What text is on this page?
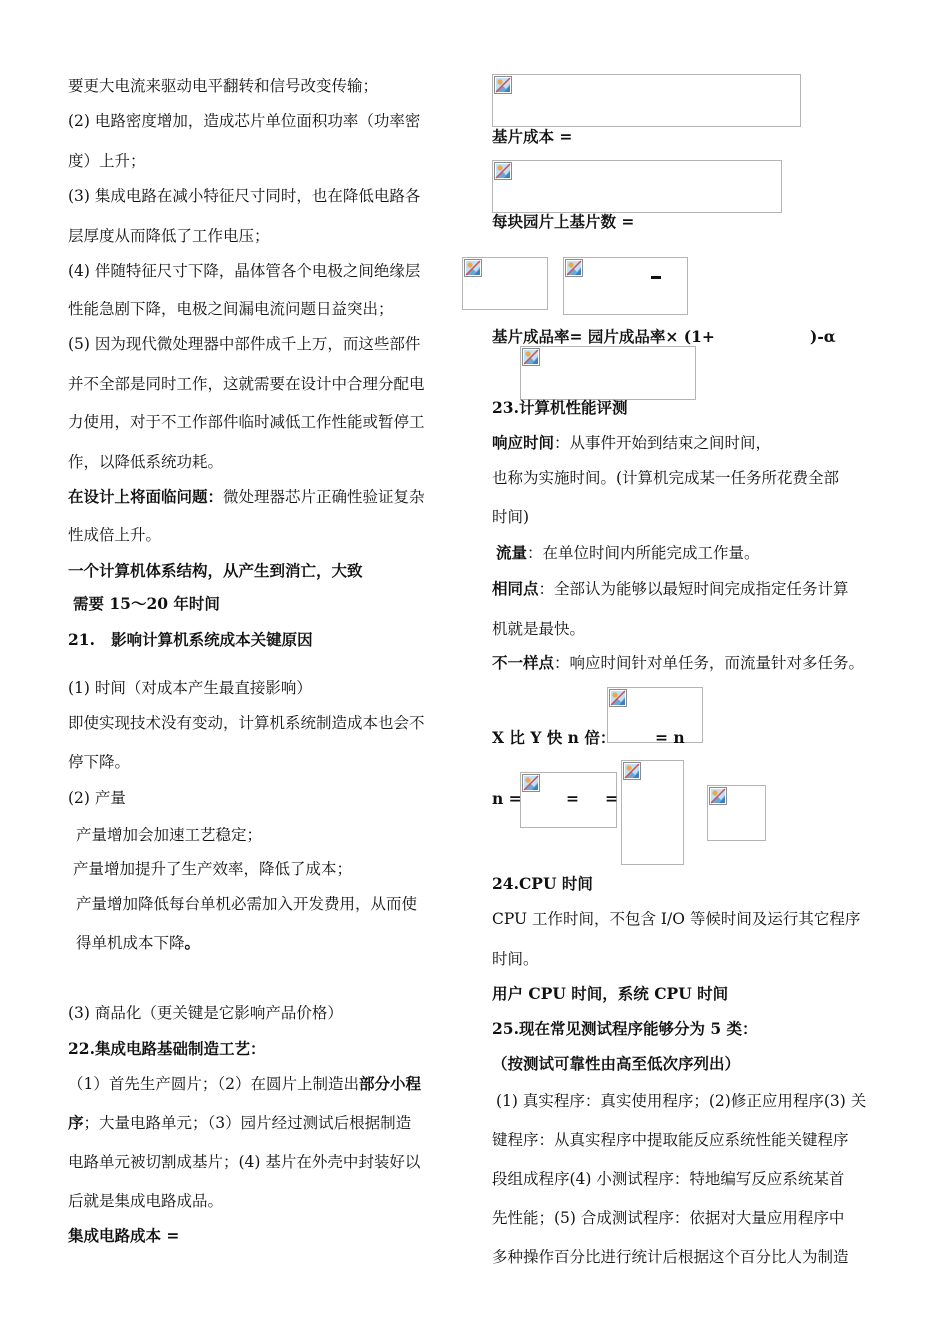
要更大电流来驱动电平翻转和信号改变传输；
(2) 电路密度增加，造成芯片单位面积功率（功率密
度）上升；
(3) 集成电路在减小特征尺寸同时，也在降低电路各
层厚度从而降低了工作电压；
(4) 伴随特征尺寸下降，晶体管各个电极之间绝缘层
性能急剧下降，电极之间漏电流问题日益突出；
(5) 因为现代微处理器中部件成千上万，而这些部件
并不全部是同时工作，这就需要在设计中合理分配电
力使用，对于不工作部件临时减低工作性能或暂停工
作，以降低系统功耗。
在设计上将面临问题：微处理器芯片正确性验证复杂
性成倍上升。
一个计算机体系结构，从产生到消亡，大致
需要 15～20 年时间
21.   影响计算机系统成本关键原因
(1) 时间（对成本产生最直接影响）
即使实现技术没有变动，计算机系统制造成本也会不
停下降。
(2) 产量
产量增加会加速工艺稳定；
产量增加提升了生产效率，降低了成本；
产量增加降低每台单机必需加入开发费用，从而使
得单机成本下降。
(3) 商品化（更关键是它影响产品价格）
22.集成电路基础制造工艺：
（1）首先生产圆片；（2）在圆片上制造出部分小程
序；大量电路单元；（3）园片经过测试后根据制造
电路单元被切割成基片；(4) 基片在外壳中封装好以
后就是集成电路成品。
集成电路成本 =
基片成本 =
每块园片上基片数 =
基片成品率= 园片成品率× (1+	)-α
23.计算机性能评测
响应时间：从事件开始到结束之间时间，
也称为实施时间。(计算机完成某一任务所花费全部
时间)
流量：在单位时间内所能完成工作量。
相同点：全部认为能够以最短时间完成指定任务计算
机就是最快。
不一样点：响应时间针对单任务，而流量针对多任务。
X 比 Y 快 n 倍：	= n
n =	= =
24.CPU 时间
CPU 工作时间，不包含 I/O 等候时间及运行其它程序
时间。
用户 CPU 时间，系统 CPU 时间
25.现在常见测试程序能够分为 5 类：
（按测试可靠性由高至低次序列出）
(1) 真实程序：真实使用程序；(2)修正应用程序(3) 关
键程序：从真实程序中提取能反应系统性能关键程序
段组成程序(4) 小测试程序：特地编写反应系统某首
先性能；(5) 合成测试程序：依据对大量应用程序中
多种操作百分比进行统计后根据这个百分比人为制造
